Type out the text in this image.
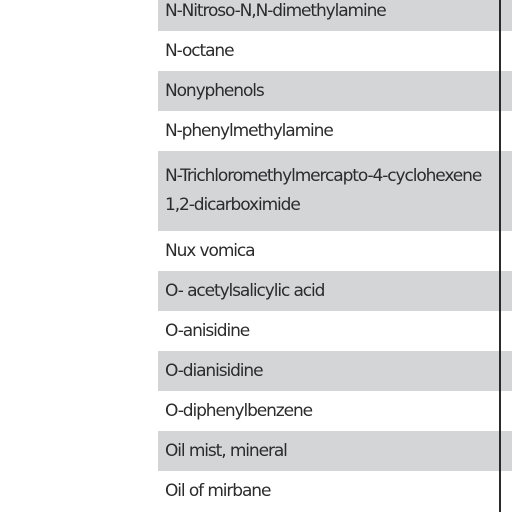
N-Nitroso-N,N-dimethylamine
N-octane
Nonyphenols
N-phenylmethylamine
N-Trichloromethylmercapto-4-cyclohexene
1,2-dicarboximide
Nux vomica
O- acetylsalicylic acid
O-anisidine
O-dianisidine
O-diphenylbenzene
Oil mist, mineral
Oil of mirbane
